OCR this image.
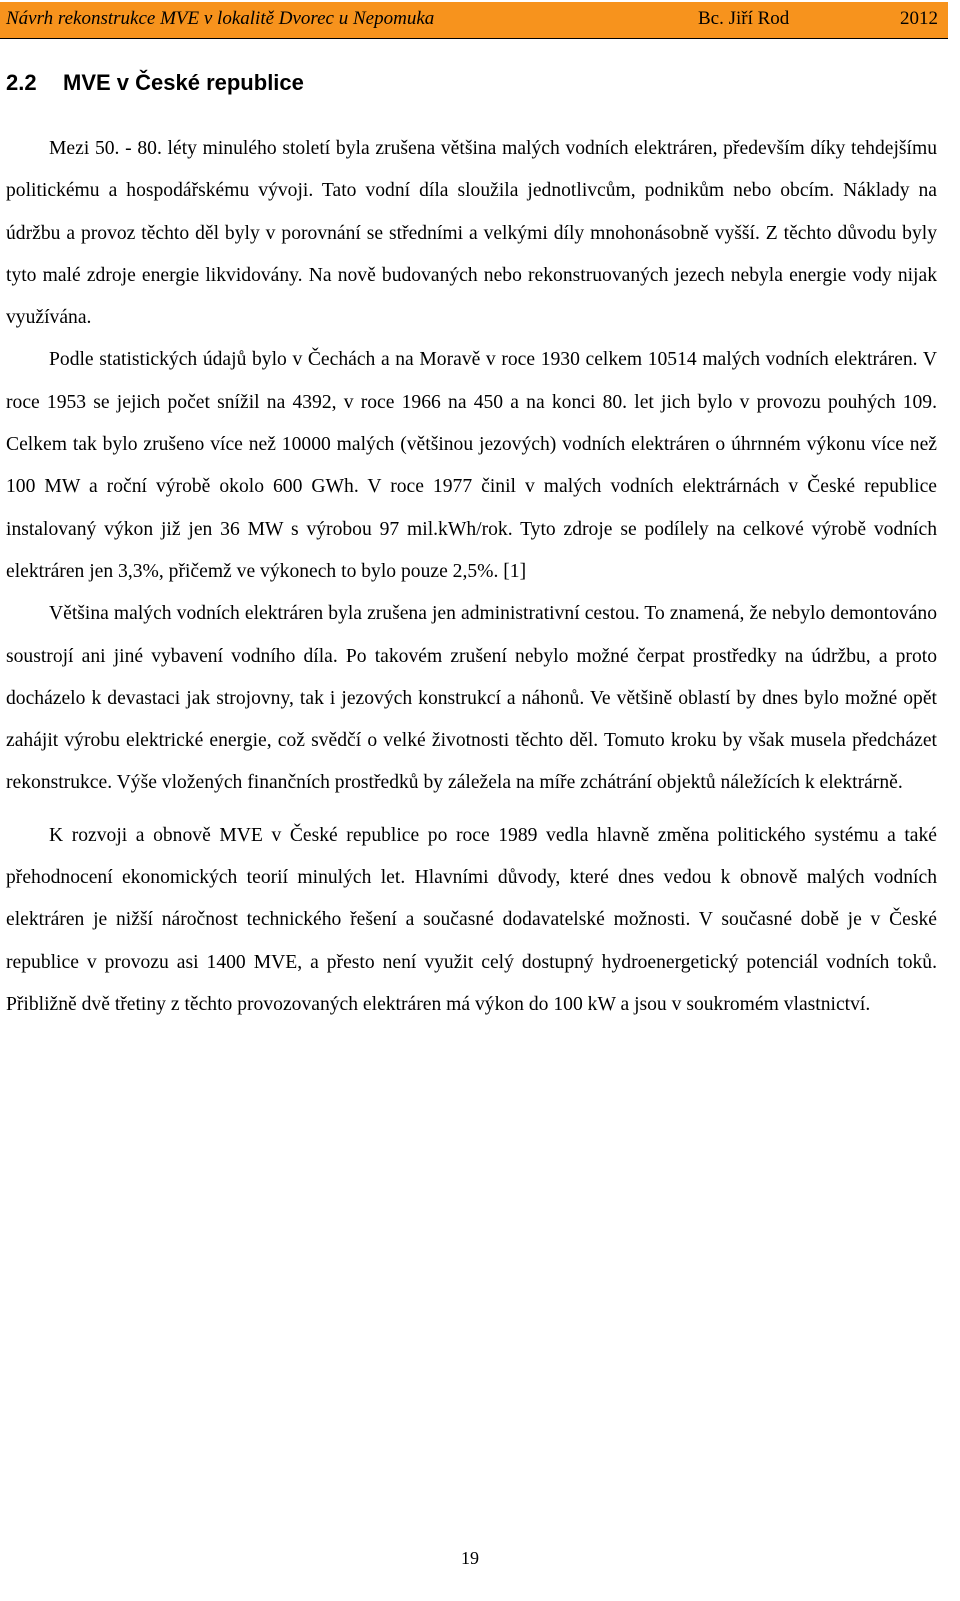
Návrh rekonstrukce MVE v lokalitě Dvorec u Nepomuka	Bc. Jiří Rod	2012
2.2 MVE v České republice

Mezi 50. - 80. léty minulého století byla zrušena většina malých vodních elektráren, především díky tehdejšímu politickému a hospodářskému vývoji. Tato vodní díla sloužila jednotlivcům, podnikům nebo obcím. Náklady na údržbu a provoz těchto děl byly v porovnání se středními a velkými díly mnohonásobně vyšší. Z těchto důvodu byly tyto malé zdroje energie likvidovány. Na nově budovaných nebo rekonstruovaných jezech nebyla energie vody nijak využívána.

Podle statistických údajů bylo v Čechách a na Moravě v roce 1930 celkem 10514 malých vodních elektráren. V roce 1953 se jejich počet snížil na 4392, v roce 1966 na 450 a na konci 80. let jich bylo v provozu pouhých 109. Celkem tak bylo zrušeno více než 10000 malých (většinou jezových) vodních elektráren o úhrnném výkonu více než 100 MW a roční výrobě okolo 600 GWh. V roce 1977 činil v malých vodních elektrárnách v České republice instalovaný výkon již jen 36 MW s výrobou 97 mil.kWh/rok. Tyto zdroje se podílely na celkové výrobě vodních elektráren jen 3,3%, přičemž ve výkonech to bylo pouze 2,5%. [1]

Většina malých vodních elektráren byla zrušena jen administrativní cestou. To znamená, že nebylo demontováno soustrojí ani jiné vybavení vodního díla. Po takovém zrušení nebylo možné čerpat prostředky na údržbu, a proto docházelo k devastaci jak strojovny, tak i jezových konstrukcí a náhonů. Ve většině oblastí by dnes bylo možné opět zahájit výrobu elektrické energie, což svědčí o velké životnosti těchto děl. Tomuto kroku by však musela předcházet rekonstrukce. Výše vložených finančních prostředků by záležela na míře zchátrání objektů náležících k elektrárně.

K rozvoji a obnově MVE v České republice po roce 1989 vedla hlavně změna politického systému a také přehodnocení ekonomických teorií minulých let. Hlavními důvody, které dnes vedou k obnově malých vodních elektráren je nižší náročnost technického řešení a současné dodavatelské možnosti. V současné době je v České republice v provozu asi 1400 MVE, a přesto není využit celý dostupný hydroenergetický potenciál vodních toků. Přibližně dvě třetiny z těchto provozovaných elektráren má výkon do 100 kW a jsou v soukromém vlastnictví.

19
